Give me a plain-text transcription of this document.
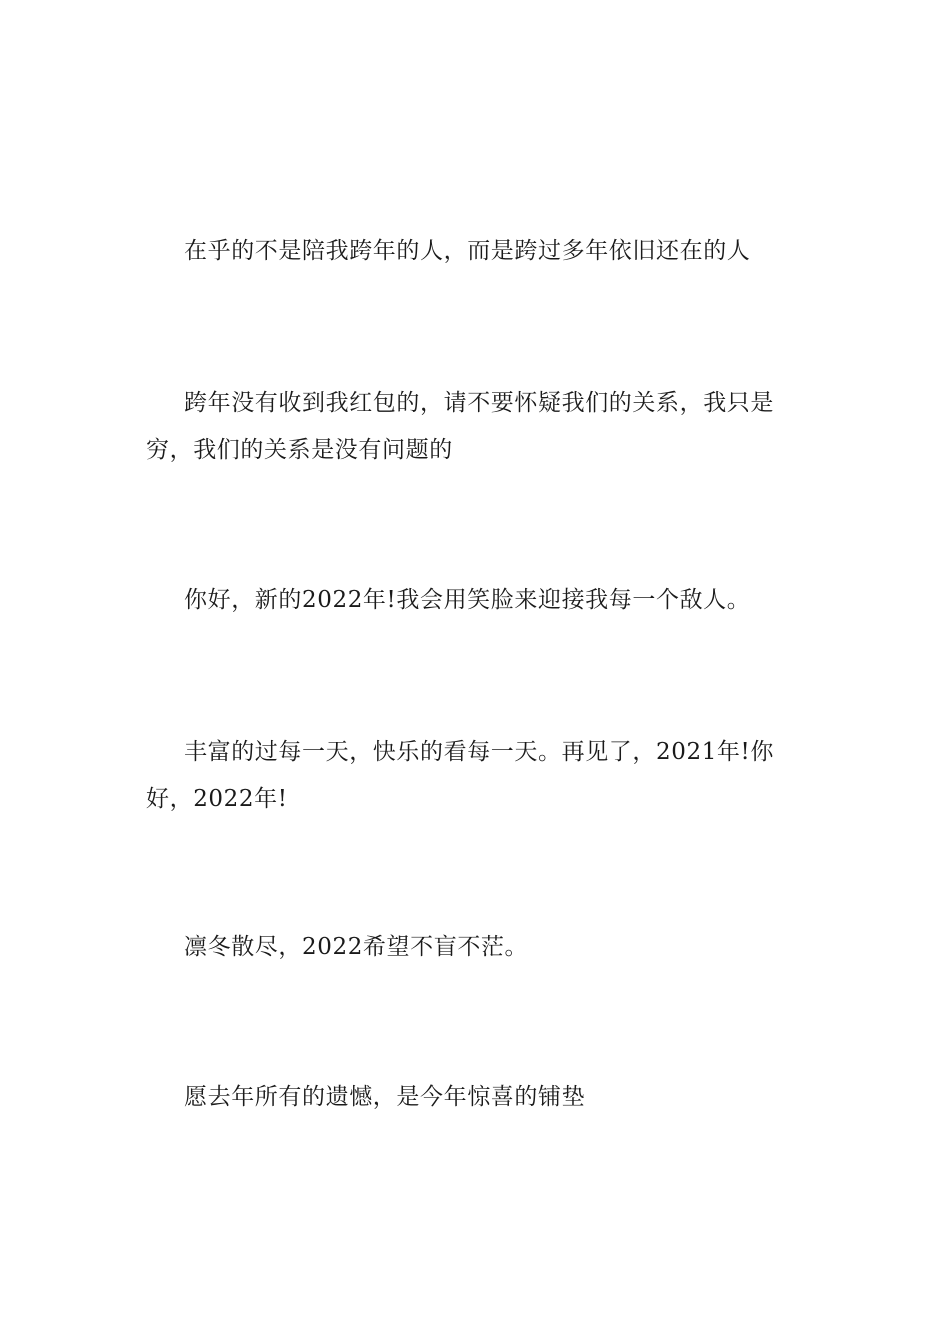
在乎的不是陪我跨年的人，而是跨过多年依旧还在的人

跨年没有收到我红包的，请不要怀疑我们的关系，我只是穷，我们的关系是没有问题的

你好，新的2022年!我会用笑脸来迎接我每一个敌人。

丰富的过每一天，快乐的看每一天。再见了，2021年!你好，2022年!

凛冬散尽，2022希望不盲不茫。

愿去年所有的遗憾，是今年惊喜的铺垫
